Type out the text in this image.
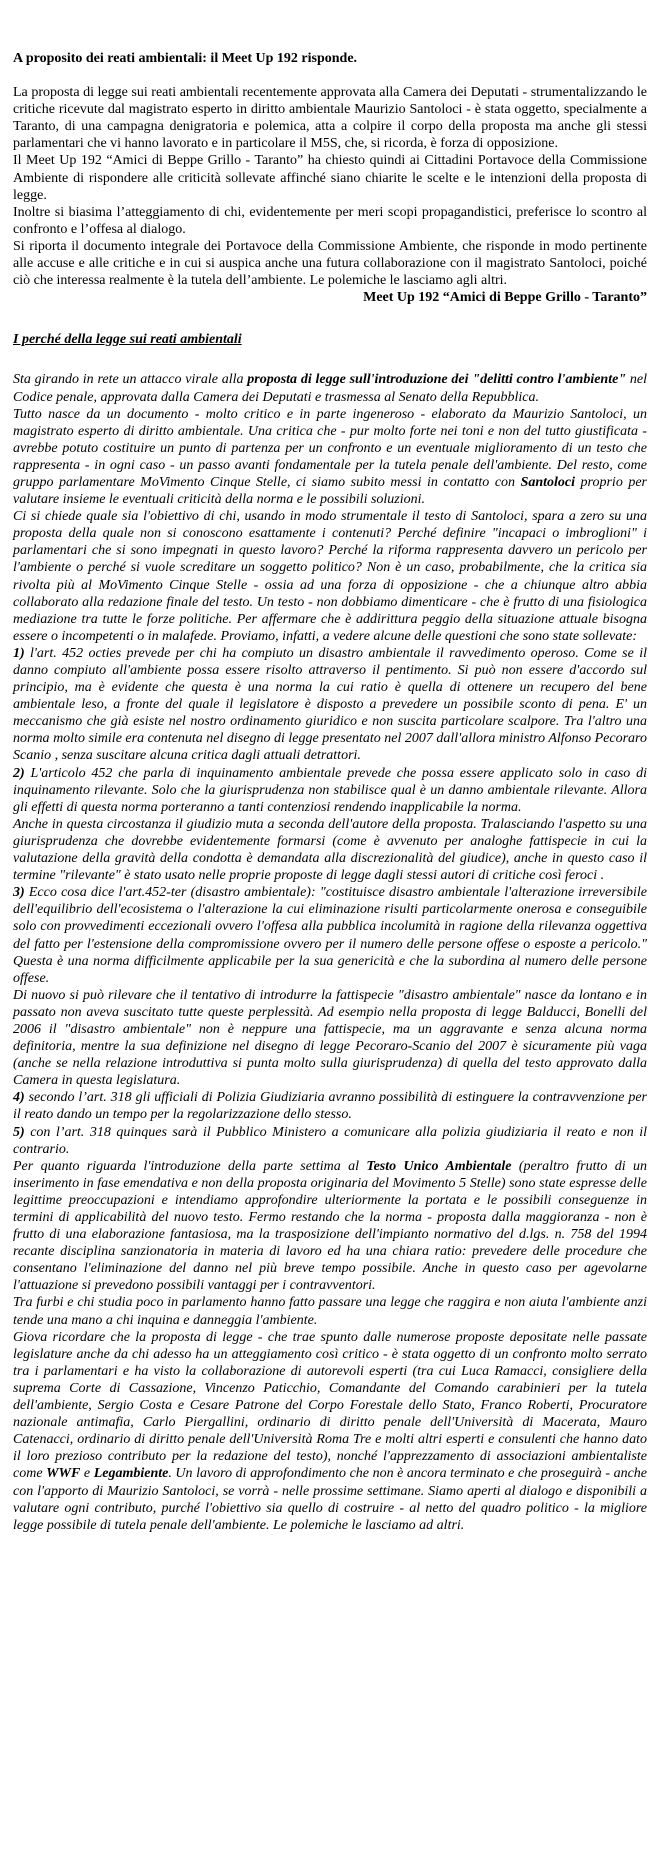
A proposito dei reati ambientali: il Meet Up 192 risponde.

La proposta di legge sui reati ambientali recentemente approvata alla Camera dei Deputati - strumentalizzando le critiche ricevute dal magistrato esperto in diritto ambientale Maurizio Santoloci - è stata oggetto, specialmente a Taranto, di una campagna denigratoria e polemica, atta a colpire il corpo della proposta ma anche gli stessi parlamentari che vi hanno lavorato e in particolare il M5S, che, si ricorda, è forza di opposizione.

Il Meet Up 192 “Amici di Beppe Grillo - Taranto” ha chiesto quindi ai Cittadini Portavoce della Commissione Ambiente di rispondere alle criticità sollevate affinché siano chiarite le scelte e le intenzioni della proposta di legge.

Inoltre si biasima l’atteggiamento di chi, evidentemente per meri scopi propagandistici, preferisce lo scontro al confronto e l’offesa al dialogo.

Si riporta il documento integrale dei Portavoce della Commissione Ambiente, che risponde in modo pertinente alle accuse e alle critiche e in cui si auspica anche una futura collaborazione con il magistrato Santoloci, poiché ciò che interessa realmente è la tutela dell’ambiente. Le polemiche le lasciamo agli altri.

Meet Up 192 “Amici di Beppe Grillo - Taranto”

I perché della legge sui reati ambientali

Sta girando in rete un attacco virale alla proposta di legge sull'introduzione dei "delitti contro l'ambiente" nel Codice penale, approvata dalla Camera dei Deputati e trasmessa al Senato della Repubblica.

Tutto nasce da un documento - molto critico e in parte ingeneroso - elaborato da Maurizio Santoloci, un magistrato esperto di diritto ambientale. Una critica che - pur molto forte nei toni e non del tutto giustificata - avrebbe potuto costituire un punto di partenza per un confronto e un eventuale miglioramento di un testo che rappresenta - in ogni caso - un passo avanti fondamentale per la tutela penale dell'ambiente. Del resto, come gruppo parlamentare MoVimento Cinque Stelle, ci siamo subito messi in contatto con Santoloci proprio per valutare insieme le eventuali criticità della norma e le possibili soluzioni.

Ci si chiede quale sia l'obiettivo di chi, usando in modo strumentale il testo di Santoloci, spara a zero su una proposta della quale non si conoscono esattamente i contenuti? Perché definire "incapaci o imbroglioni" i parlamentari che si sono impegnati in questo lavoro? Perché la riforma rappresenta davvero un pericolo per l'ambiente o perché si vuole screditare un soggetto politico? Non è un caso, probabilmente, che la critica sia rivolta più al MoVimento Cinque Stelle - ossia ad una forza di opposizione - che a chiunque altro abbia collaborato alla redazione finale del testo. Un testo - non dobbiamo dimenticare - che è frutto di una fisiologica mediazione tra tutte le forze politiche. Per affermare che è addirittura peggio della situazione attuale bisogna essere o incompetenti o in malafede. Proviamo, infatti, a vedere alcune delle questioni che sono state sollevate:

1) l'art. 452 octies prevede per chi ha compiuto un disastro ambientale il ravvedimento operoso. Come se il danno compiuto all'ambiente possa essere risolto attraverso il pentimento. Si può non essere d'accordo sul principio, ma è evidente che questa è una norma la cui ratio è quella di ottenere un recupero del bene ambientale leso, a fronte del quale il legislatore è disposto a prevedere un possibile sconto di pena. E' un meccanismo che già esiste nel nostro ordinamento giuridico e non suscita particolare scalpore. Tra l'altro una norma molto simile era contenuta nel disegno di legge presentato nel 2007 dall'allora ministro Alfonso Pecoraro Scanio , senza suscitare alcuna critica dagli attuali detrattori.

2) L'articolo 452 che parla di inquinamento ambientale prevede che possa essere applicato solo in caso di inquinamento rilevante. Solo che la giurisprudenza non stabilisce qual è un danno ambientale rilevante. Allora gli effetti di questa norma porteranno a tanti contenziosi rendendo inapplicabile la norma.

Anche in questa circostanza il giudizio muta a seconda dell'autore della proposta. Tralasciando l'aspetto su una giurisprudenza che dovrebbe evidentemente formarsi (come è avvenuto per analoghe fattispecie in cui la valutazione della gravità della condotta è demandata alla discrezionalità del giudice), anche in questo caso il termine "rilevante" è stato usato nelle proprie proposte di legge dagli stessi autori di critiche così feroci .

3) Ecco cosa dice l'art.452-ter (disastro ambientale): "costituisce disastro ambientale l'alterazione irreversibile dell'equilibrio dell'ecosistema o l'alterazione la cui eliminazione risulti particolarmente onerosa e conseguibile solo con provvedimenti eccezionali ovvero l'offesa alla pubblica incolumità in ragione della rilevanza oggettiva del fatto per l'estensione della compromissione ovvero per il numero delle persone offese o esposte a pericolo." Questa è una norma difficilmente applicabile per la sua genericità e che la subordina al numero delle persone offese.

Di nuovo si può rilevare che il tentativo di introdurre la fattispecie "disastro ambientale" nasce da lontano e in passato non aveva suscitato tutte queste perplessità. Ad esempio nella proposta di legge Balducci, Bonelli del 2006 il "disastro ambientale" non è neppure una fattispecie, ma un aggravante e senza alcuna norma definitoria, mentre la sua definizione nel disegno di legge Pecoraro-Scanio del 2007 è sicuramente più vaga (anche se nella relazione introduttiva si punta molto sulla giurisprudenza) di quella del testo approvato dalla Camera in questa legislatura.

4) secondo l’art. 318 gli ufficiali di Polizia Giudiziaria avranno possibilità di estinguere la contravvenzione per il reato dando un tempo per la regolarizzazione dello stesso.

5) con l’art. 318 quinques sarà il Pubblico Ministero a comunicare alla polizia giudiziaria il reato e non il contrario.

Per quanto riguarda l'introduzione della parte settima al Testo Unico Ambientale (peraltro frutto di un inserimento in fase emendativa e non della proposta originaria del Movimento 5 Stelle) sono state espresse delle legittime preoccupazioni e intendiamo approfondire ulteriormente la portata e le possibili conseguenze in termini di applicabilità del nuovo testo. Fermo restando che la norma - proposta dalla maggioranza - non è frutto di una elaborazione fantasiosa, ma la trasposizione dell'impianto normativo del d.lgs. n. 758 del 1994 recante disciplina sanzionatoria in materia di lavoro ed ha una chiara ratio: prevedere delle procedure che consentano l'eliminazione del danno nel più breve tempo possibile. Anche in questo caso per agevolarne l'attuazione si prevedono possibili vantaggi per i contravventori.

Tra furbi e chi studia poco in parlamento hanno fatto passare una legge che raggira e non aiuta l'ambiente anzi tende una mano a chi inquina e danneggia l'ambiente.

Giova ricordare che la proposta di legge - che trae spunto dalle numerose proposte depositate nelle passate legislature anche da chi adesso ha un atteggiamento così critico - è stata oggetto di un confronto molto serrato tra i parlamentari e ha visto la collaborazione di autorevoli esperti (tra cui Luca Ramacci, consigliere della suprema Corte di Cassazione, Vincenzo Paticchio, Comandante del Comando carabinieri per la tutela dell'ambiente, Sergio Costa e Cesare Patrone del Corpo Forestale dello Stato, Franco Roberti, Procuratore nazionale antimafia, Carlo Piergallini, ordinario di diritto penale dell'Università di Macerata, Mauro Catenacci, ordinario di diritto penale dell'Università Roma Tre e molti altri esperti e consulenti che hanno dato il loro prezioso contributo per la redazione del testo), nonché l'apprezzamento di associazioni ambientaliste come WWF e Legambiente. Un lavoro di approfondimento che non è ancora terminato e che proseguirà - anche con l'apporto di Maurizio Santoloci, se vorrà - nelle prossime settimane. Siamo aperti al dialogo e disponibili a valutare ogni contributo, purché l'obiettivo sia quello di costruire - al netto del quadro politico - la migliore legge possibile di tutela penale dell'ambiente. Le polemiche le lasciamo ad altri.
